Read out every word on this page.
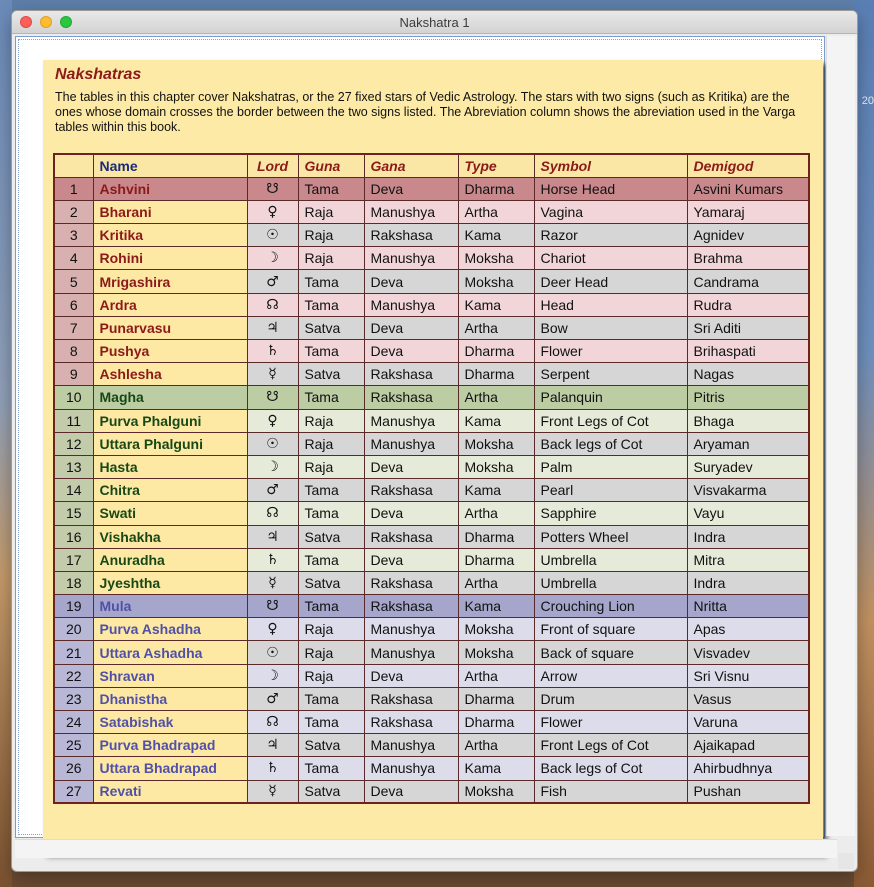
20
Nakshatra 1
Nakshatras
The tables in this chapter cover Nakshatras, or the 27 fixed stars of Vedic Astrology. The stars with two signs (such as Kritika) are the ones whose domain crosses the border between the two signs listed. The Abreviation column shows the abreviation used in the Varga tables within this book.
	Name	Lord	Guna	Gana	Type	Symbol	Demigod
1	Ashvini	☋	Tama	Deva	Dharma	Horse Head	Asvini Kumars
2	Bharani	♀	Raja	Manushya	Artha	Vagina	Yamaraj
3	Kritika	☉	Raja	Rakshasa	Kama	Razor	Agnidev
4	Rohini	☽	Raja	Manushya	Moksha	Chariot	Brahma
5	Mrigashira	♂	Tama	Deva	Moksha	Deer Head	Candrama
6	Ardra	☊	Tama	Manushya	Kama	Head	Rudra
7	Punarvasu	♃	Satva	Deva	Artha	Bow	Sri Aditi
8	Pushya	♄	Tama	Deva	Dharma	Flower	Brihaspati
9	Ashlesha	☿	Satva	Rakshasa	Dharma	Serpent	Nagas
10	Magha	☋	Tama	Rakshasa	Artha	Palanquin	Pitris
11	Purva Phalguni	♀	Raja	Manushya	Kama	Front Legs of Cot	Bhaga
12	Uttara Phalguni	☉	Raja	Manushya	Moksha	Back legs of Cot	Aryaman
13	Hasta	☽	Raja	Deva	Moksha	Palm	Suryadev
14	Chitra	♂	Tama	Rakshasa	Kama	Pearl	Visvakarma
15	Swati	☊	Tama	Deva	Artha	Sapphire	Vayu
16	Vishakha	♃	Satva	Rakshasa	Dharma	Potters Wheel	Indra
17	Anuradha	♄	Tama	Deva	Dharma	Umbrella	Mitra
18	Jyeshtha	☿	Satva	Rakshasa	Artha	Umbrella	Indra
19	Mula	☋	Tama	Rakshasa	Kama	Crouching Lion	Nritta
20	Purva Ashadha	♀	Raja	Manushya	Moksha	Front of square	Apas
21	Uttara Ashadha	☉	Raja	Manushya	Moksha	Back of square	Visvadev
22	Shravan	☽	Raja	Deva	Artha	Arrow	Sri Visnu
23	Dhanistha	♂	Tama	Rakshasa	Dharma	Drum	Vasus
24	Satabishak	☊	Tama	Rakshasa	Dharma	Flower	Varuna
25	Purva Bhadrapad	♃	Satva	Manushya	Artha	Front Legs of Cot	Ajaikapad
26	Uttara Bhadrapad	♄	Tama	Manushya	Kama	Back legs of Cot	Ahirbudhnya
27	Revati	☿	Satva	Deva	Moksha	Fish	Pushan
